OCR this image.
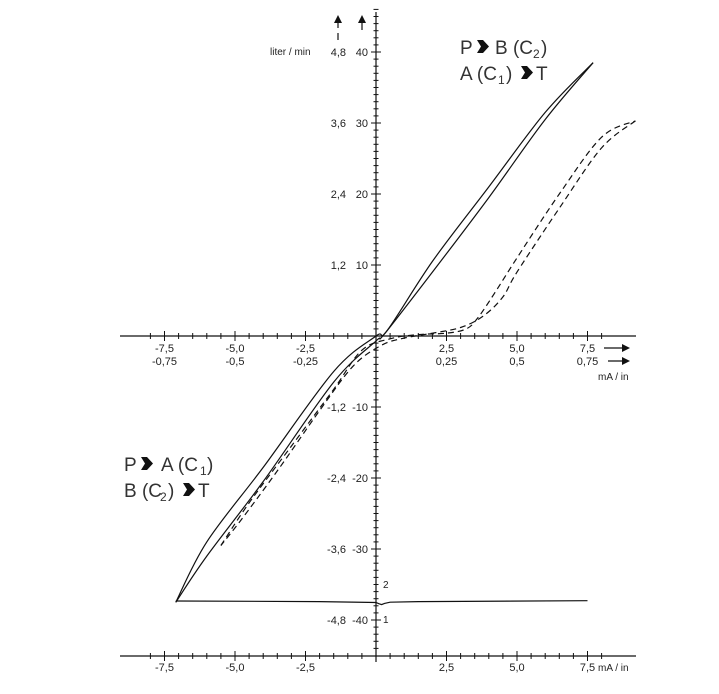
-7,5
-0,75
-5,0
-0,5
-2,5
-0,25
2,5
0,25
5,0
0,5
7,5
0,75
-7,5	-5,0	-2,5	2,5	5,0	7,5
4,8 40
3,6 30
2,4 20
1,2 10
-1,2 -10
-2,4 -20
-3,6 -30
-4,8 -40
liter / min
mA / in
mA / in
P B (C 2 )
A (C 1 ) T
P A (C 1 )
B (C
2 ) T
2
1
